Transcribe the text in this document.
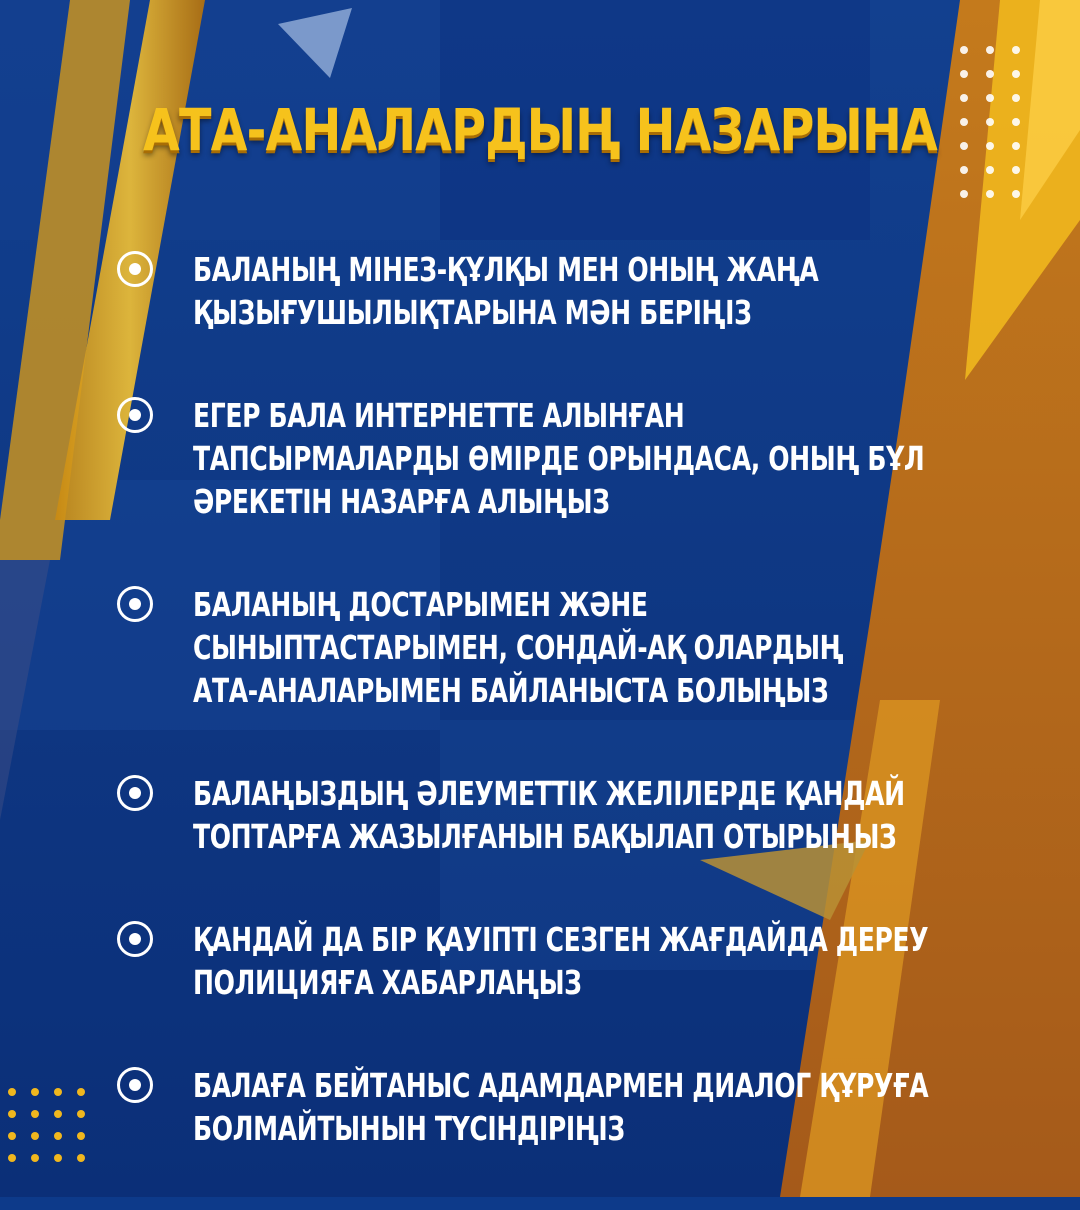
АТА-АНАЛАРДЫҢ НАЗАРЫНА
БАЛАНЫҢ МІНЕЗ-ҚҰЛҚЫ МЕН ОНЫҢ ЖАҢА
ҚЫЗЫҒУШЫЛЫҚТАРЫНА МӘН БЕРІҢІЗ
ЕГЕР БАЛА ИНТЕРНЕТТЕ АЛЫНҒАН
ТАПСЫРМАЛАРДЫ ӨМІРДЕ ОРЫНДАСА, ОНЫҢ БҰЛ
ӘРЕКЕТІН НАЗАРҒА АЛЫҢЫЗ
БАЛАНЫҢ ДОСТАРЫМЕН ЖӘНЕ
СЫНЫПТАСТАРЫМЕН, СОНДАЙ-АҚ ОЛАРДЫҢ
АТА-АНАЛАРЫМЕН БАЙЛАНЫСТА БОЛЫҢЫЗ
БАЛАҢЫЗДЫҢ ӘЛЕУМЕТТІК ЖЕЛІЛЕРДЕ ҚАНДАЙ
ТОПТАРҒА ЖАЗЫЛҒАНЫН БАҚЫЛАП ОТЫРЫҢЫЗ
ҚАНДАЙ ДА БІР ҚАУІПТІ СЕЗГЕН ЖАҒДАЙДА ДЕРЕУ
ПОЛИЦИЯҒА ХАБАРЛАҢЫЗ
БАЛАҒА БЕЙТАНЫС АДАМДАРМЕН ДИАЛОГ ҚҰРУҒА
БОЛМАЙТЫНЫН ТҮСІНДІРІҢІЗ
